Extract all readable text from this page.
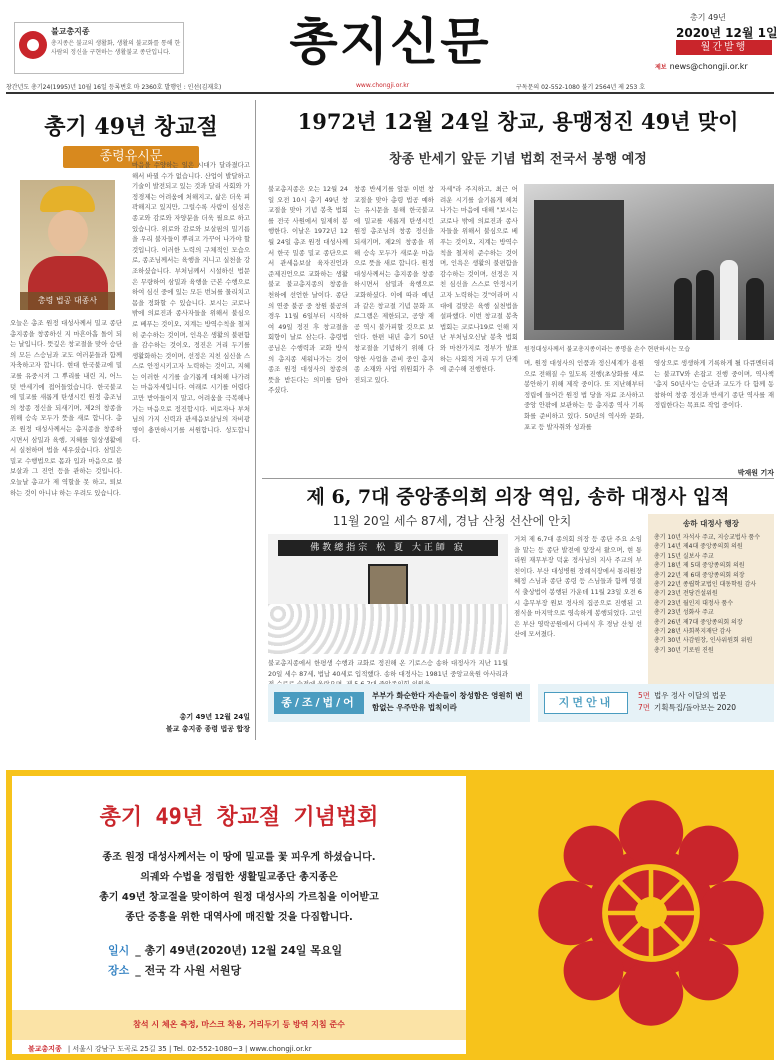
불교총지종
총지종은 불교의 생활화, 생활의 불교화를 통해 한 사람의 정신을 구현하는 생활불교 종단입니다.	총지신문	총기 49년
2020년 12월 1일
월간발행
제보 news@chongji.or.kr
창간년도 총기24(1995)년 10월 16일 등록번호 마 2360호 발행인 : 인선(김재호)	www.chongji.or.kr	구독문의 02-552-1080 불기 2564년 제 253 호
총기 49년 창교절
종령유시문
총령 법공 대종사
오늘은 총조 원정 대성사께서 밀교 종단 총지종을 창종하신 지 마흔아홉 돌이 되는 날입니다. 뜻깊은 창교절을 맞아 승단의 모든 스승님과 교도 여러분들과 함께 자축하고자 합니다. 현대 한국불교에 밀교를 유중시켜 그 뿌리를 내린 지, 어느덧 반세기에 접어들었습니다. 한국불교에 밀교를 새롭게 탄생시킨 원정 총조님의 창종 정신을 되새기며, 제2의 창종을 위해 승속 모두가 뜻을 새로 합니다. 총조 원정 대성사께서는 총지종을 창종하시면서 삼밀과 육행, 지혜를 일상생활에서 실천하며 법을 세우셨습니다. 삼밀은 밀교 수행법으로 몸과 입과 마음으로 불보살과 그 진언 등을 관하는 것입니다. 오늘날 총교가 제 역할을 못 하고, 퇴보하는 것이 아니냐 하는 우려도 있습니다.
마음을 수양하는 일은 시대가 달라졌다고 해서 바뀔 수가 없습니다. 산업이 발달하고 기술이 발전되고 있는 것과 달리 사회와 가정경제는 어려움에 처해지고, 삶은 더욱 피곽해지고 있지만, 그럴수록 사람이 심성은 종교와 감로와 자양분을 더욱 필요로 하고 있습니다. 위로와 감로와 보살핌의 밀기름을 우리 불자들이 뿌리고 가꾸어 나가야 할 것입니다. 이러한 노력의 구체적인 모습으로, 종조님께서는 육행을 지니고 실천을 강조하셨습니다. 부처님께서 시설하신 법문은 무량하여 삼밀과 육행을 근본 수행으로 하여 심신 중에 있는 모든 번뇌를 물리치고 몸을 정화할 수 있습니다. 보시는 코로나 밖에 의료진과 종사자들을 위해서 불심으로 베푸는 것이오, 지계는 방역수칙을 철저히 준수하는 것이며, 인욕은 생활의 불편함을 감수하는 것이오, 정진은 거리 두기를 생활화하는 것이며, 선정은 지친 심신을 스스로 안정시키고자 노력하는 것이고, 지혜는 이러한 시기를 슬기롭게 대처해 나가려는 마음자세입니다. 여래로 시기를 어렵다고만 받아들이지 말고, 어려움을 극복해나가는 마음으로 정진합시다. 비로자나 부처님의 가지 신력과 관세음보살님의 자비광명이 충만하시기를 서원합니다. 성도합니다.
총기 49년 12월 24일
불교 총지종 종령 법공 합장
1972년 12월 24일 창교, 용맹정진 49년 맞이
창종 반세기 앞둔 기념 법회 전국서 봉행 예정
불교총지종은 오는 12월 24일 오전 10시 총기 49년 창교절을 맞아 기념 봉축 법회를 전국 사원에서 일제히 봉행한다. 이날은 1972년 12월 24일 총조 원정 대성사께서 한국 밀종 밀교 종단으로서 관세음보살 육자진언과 준제진언으로 교화하는 생활불교 불교총지종의 창종을 천하에 선언한 날이다. 종단의 연중 불공 중 창원 불공의 경우 11월 6일부터 시작하여 49일 정진 후 창교절을 회향이 날로 삼는다. 총령법공님은 수행력과 교화 방식의 총지종 세워나가는 것이 종조 원정 대성사의 창종의 뜻을 받든다는 의미를 담아주셨다.
창종 반세기를 앞둔 이번 창교절을 맞아 총령 법공 예하는 유시문을 통해 한국불교에 밀교를 새롭게 탄생시킨 원정 총조님의 창종 정신을 되새기며, 제2의 창종을 위해 승속 모두가 새로운 마음으로 뜻을 새로 합니다. 원정 대성사께서는 총지종을 창종하시면서 삼밀과 육행으로 교화하셨다. 이에 따라 예년과 같은 창교절 기념 문화 프로그램은 제한되고, 공양 재공 역시 불가피할 것으로 보인다. 한편 내년 총기 50년 창교절을 기념하기 위해 다양한 사업을 준비 중인 총지종 소재와 사업 위원회가 추진되고 있다.
원정대성사께서 불교총지종이라는 종명을 손수 현판하시는 모습
며, 원정 대성사의 인품과 정신세계가 용원으로 전해질 수 있도록 진행(초상화를 새로 봉안하기 위해 제작 중이다. 또 지난해부터 정립에 들어간 원정 법 당을 자료 조사하고 중앙 안팎에 보관하는 등 총지종 역사 기록화를 준비하고 있다. 50년의 역사와 문화, 포교 등 발자취와 성과를
영상으로 생생하게 기록하게 될 다큐멘터리는 불교TV와 손잡고 진행 중이며, 역사책 '총지 50년사'는 승단과 교도가 다 함께 동참하여 창종 정신과 반세기 종단 역사를 재정립한다는 목표로 작업 중이다.
박재원 기자
제 6, 7대 중앙종의회 의장 역임, 송하 대정사 입적
11월 20일 세수 87세, 경남 산청 선산에 안치
佛教總指宗 松 夏 大正師 寂
불교총지종에서 한평생 수행과 교화로 정진해 온 기로스승 송하 대정사가 지난 11월 20일 세수 87세, 법납 40세로 입적했다. 송하 대정사는 1981년 중앙교육원 아사리과
거쳐 제 6,7대 종의회 의장 등 종단 주요 소임을 맡는 등 종단 발전에 앞장서 왔으며, 현 통리원 재무부장 덕윤 정사님의 지사 주교의 부친이다. 부산 대성병원 장례식장에서 통리원장 혜정 스님과 종단 종령 등 스님들과 함께 영결식 출상법이 봉행된 가운데 11월 23일 오전 6시 총무부장 원보 정사의 집공으로 진행된 고점식을 마지막으로 영속하게 봉행되었다. 고인은 부산 영락공원에서 다비식 후 경남 산청 선산에 모셔졌다.
송하 대정사 행장
총기 10년 자석사 주교, 지승교법사 품수
총기 14년 제4대 중앙종의회 의원
총기 15년 실보사 주교
총기 18년 제 5대 중앙종의회 의원
총기 22년 제 6대 중앙종의회 의장
총기 22년 종립학교법인 대동학원 감사
총기 23년 전당건설위원
총기 23년 월인지 대정사 품수
총기 23년 성화사 주교
총기 26년 제7대 중앙종의회 의장
총기 28년 사회복지재단 감사
총기 30년 사감원장, 인사위원회 위원
총기 30년 기로원 진원
종/조/법/어
부부가 화순한다 자손들이 창성함은 영원히 변함없는 우주만유 법칙이라	지면안내
5면 법우 정사 이달의 법문
7면 기획특집/돌아보는 2020
총기 49년 창교절 기념법회
종조 원정 대성사께서는 이 땅에 밀교를 꽃 피우게 하셨습니다.
의궤와 수법을 정립한 생활밀교종단 총지종은
총기 49년 창교절을 맞이하여 원정 대성사의 가르침을 이어받고
종단 중흥을 위한 대역사에 매진할 것을 다짐합니다.
일시 _ 총기 49년(2020년) 12월 24일 목요일
장소 _ 전국 각 사원 서원당
참석 시 체온 측정, 마스크 착용, 거리두기 등 방역 지침 준수
불교총지종 | 서울시 강남구 도곡로 25길 35 | Tel. 02-552-1080~3 | www.chongji.or.kr
자세"라 주지하고, 최근 어려운 시기를 슬기롭게 헤쳐나가는 마음에 대해 "보시는 코로나 밖에 의료진과 종사자들을 위해서 불심으로 베푸는 것이오, 지계는 방역수칙을 철저히 준수하는 것이며, 인욕은 생활의 불편함을 감수하는 것이며, 선정은 지친 심신을 스스로 안정시키고자 노력하는 것"이라며 시대에 걸맞은 육행 실천법을 설파했다. 이번 창교절 봉축 법회는 코로나19로 인해 지난 부처님오신날 봉축 법회와 마찬가지로 정부가 발표하는 사회적 거리 두기 단계에 준수해 진행한다.
